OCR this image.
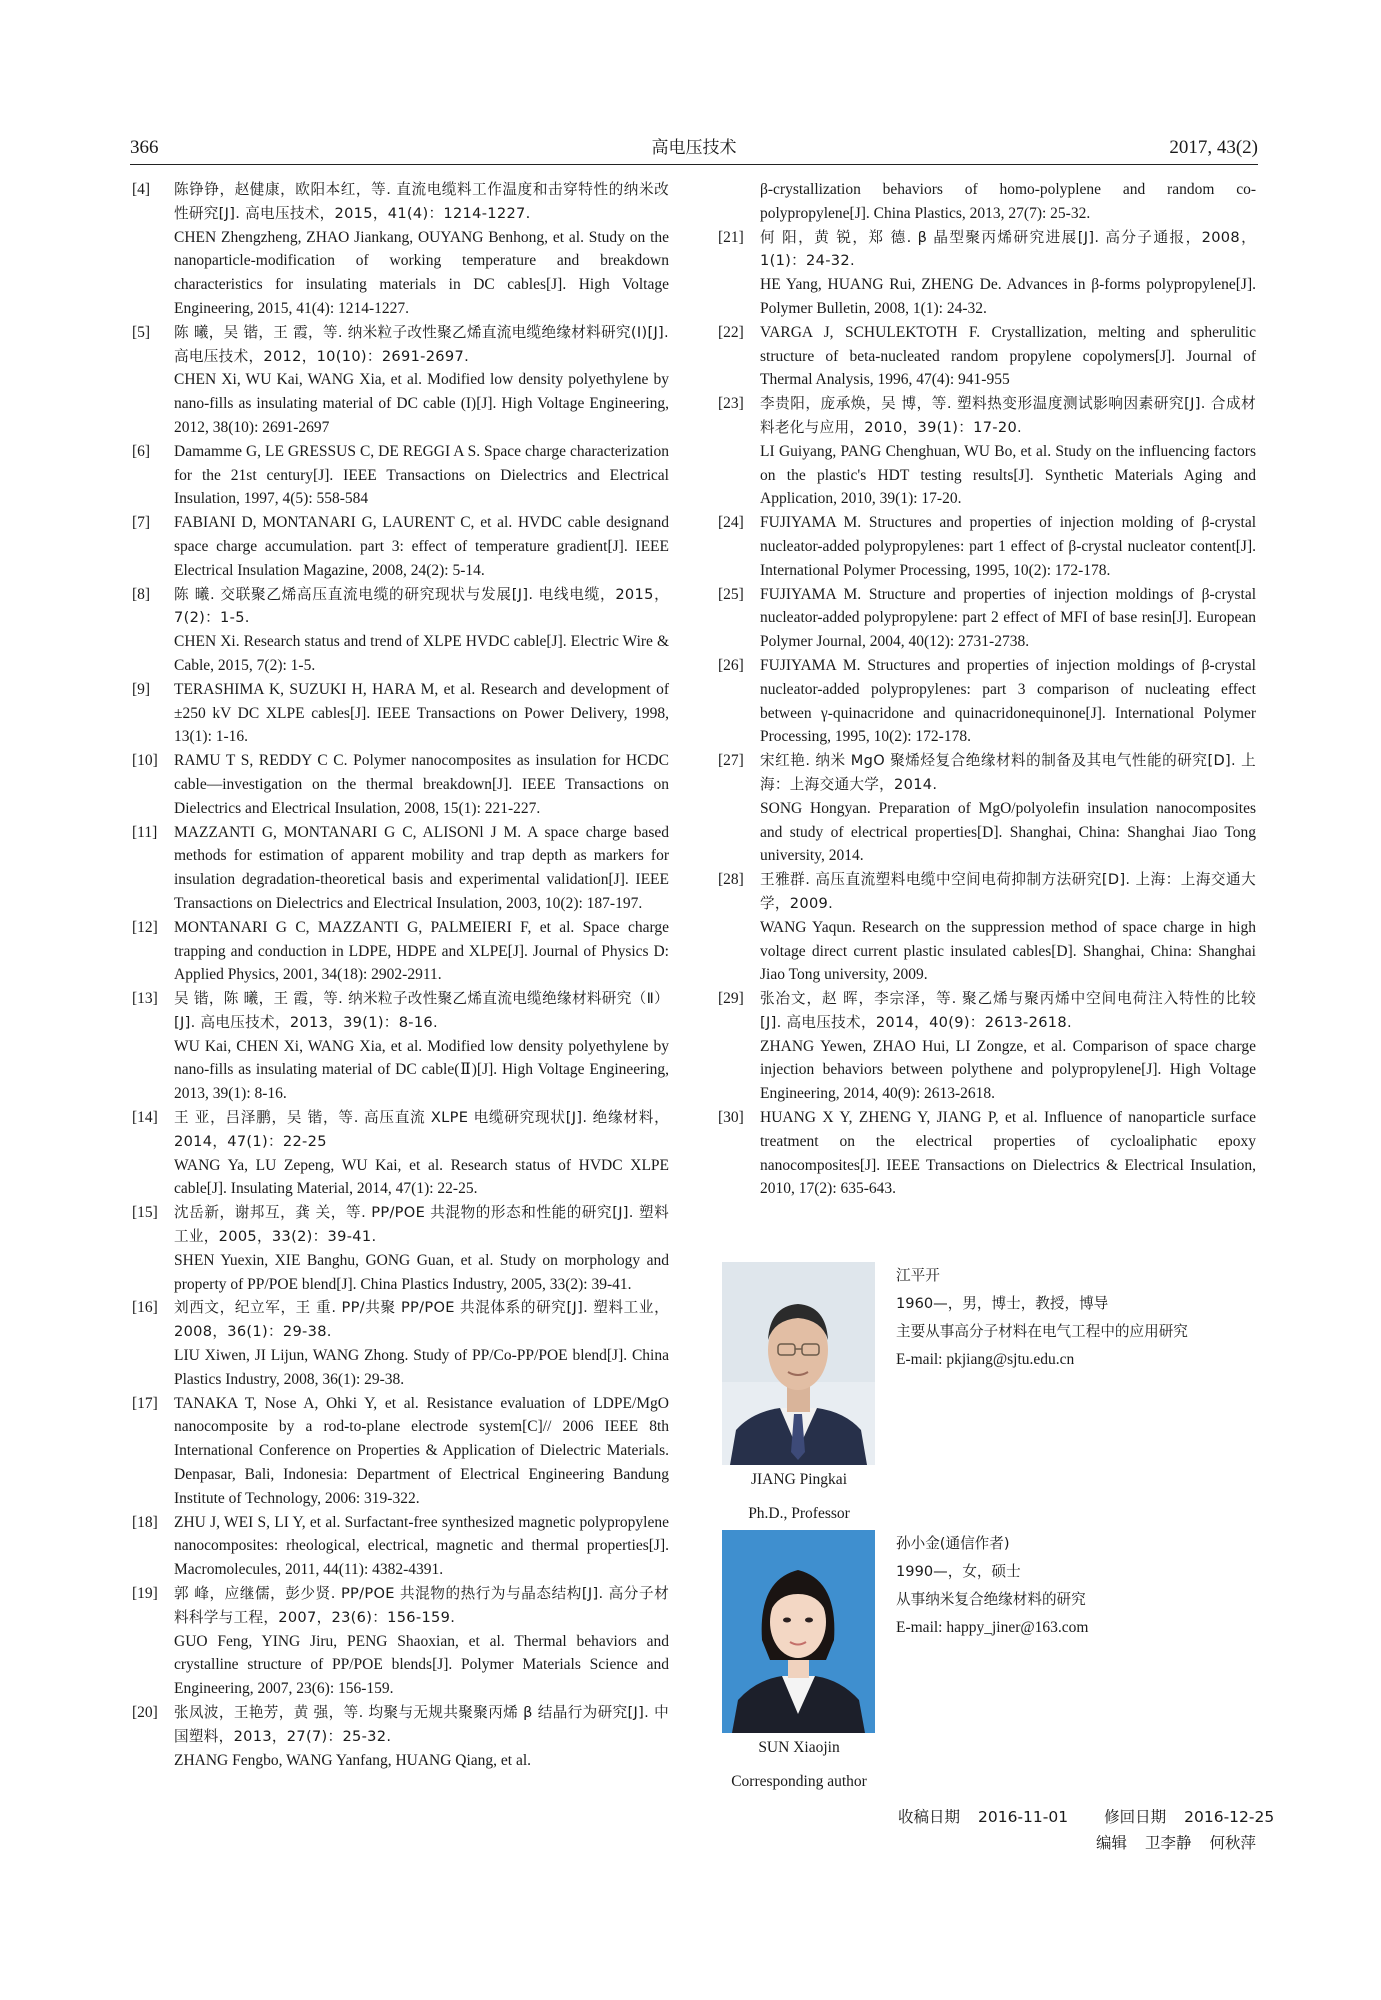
366	高电压技术	2017, 43(2)
[4]	陈铮铮，赵健康，欧阳本红，等. 直流电缆料工作温度和击穿特性的纳米改性研究[J]. 高电压技术，2015，41(4)：1214-1227.

CHEN Zhengzheng, ZHAO Jiankang, OUYANG Benhong, et al. Study on the nanoparticle-modification of working temperature and breakdown characteristics for insulating materials in DC cables[J]. High Voltage Engineering, 2015, 41(4): 1214-1227.

[5]	陈 曦，吴 锴，王 霞，等. 纳米粒子改性聚乙烯直流电缆绝缘材料研究(I)[J]. 高电压技术，2012，10(10)：2691-2697.

CHEN Xi, WU Kai, WANG Xia, et al. Modified low density polyethylene by nano-fills as insulating material of DC cable (I)[J]. High Voltage Engineering, 2012, 38(10): 2691-2697

[6]	Damamme G, LE GRESSUS C, DE REGGI A S. Space charge characterization for the 21st century[J]. IEEE Transactions on Dielectrics and Electrical Insulation, 1997, 4(5): 558-584

[7]	FABIANI D, MONTANARI G, LAURENT C, et al. HVDC cable designand space charge accumulation. part 3: effect of temperature gradient[J]. IEEE Electrical Insulation Magazine, 2008, 24(2): 5-14.

[8]	陈 曦. 交联聚乙烯高压直流电缆的研究现状与发展[J]. 电线电缆，2015，7(2)：1-5.

CHEN Xi. Research status and trend of XLPE HVDC cable[J]. Electric Wire & Cable, 2015, 7(2): 1-5.

[9]	TERASHIMA K, SUZUKI H, HARA M, et al. Research and development of ±250 kV DC XLPE cables[J]. IEEE Transactions on Power Delivery, 1998, 13(1): 1-16.

[10]	RAMU T S, REDDY C C. Polymer nanocomposites as insulation for HCDC cable—investigation on the thermal breakdown[J]. IEEE Transactions on Dielectrics and Electrical Insulation, 2008, 15(1): 221-227.

[11]	MAZZANTI G, MONTANARI G C, ALISONl J M. A space charge based methods for estimation of apparent mobility and trap depth as markers for insulation degradation-theoretical basis and experimental validation[J]. IEEE Transactions on Dielectrics and Electrical Insulation, 2003, 10(2): 187-197.

[12]	MONTANARI G C, MAZZANTI G, PALMEIERI F, et al. Space charge trapping and conduction in LDPE, HDPE and XLPE[J]. Journal of Physics D: Applied Physics, 2001, 34(18): 2902-2911.

[13]	吴 锴，陈 曦，王 霞，等. 纳米粒子改性聚乙烯直流电缆绝缘材料研究（Ⅱ）[J]. 高电压技术，2013，39(1)：8-16.

WU Kai, CHEN Xi, WANG Xia, et al. Modified low density polyethylene by nano-fills as insulating material of DC cable(Ⅱ)[J]. High Voltage Engineering, 2013, 39(1): 8-16.

[14]	王 亚，吕泽鹏，吴 锴，等. 高压直流 XLPE 电缆研究现状[J]. 绝缘材料，2014，47(1)：22-25

WANG Ya, LU Zepeng, WU Kai, et al. Research status of HVDC XLPE cable[J]. Insulating Material, 2014, 47(1): 22-25.

[15]	沈岳新，谢邦互，龚 关，等. PP/POE 共混物的形态和性能的研究[J]. 塑料工业，2005，33(2)：39-41.

SHEN Yuexin, XIE Banghu, GONG Guan, et al. Study on morphology and property of PP/POE blend[J]. China Plastics Industry, 2005, 33(2): 39-41.

[16]	刘西文，纪立军，王 重. PP/共聚 PP/POE 共混体系的研究[J]. 塑料工业，2008，36(1)：29-38.

LIU Xiwen, JI Lijun, WANG Zhong. Study of PP/Co-PP/POE blend[J]. China Plastics Industry, 2008, 36(1): 29-38.

[17]	TANAKA T, Nose A, Ohki Y, et al. Resistance evaluation of LDPE/MgO nanocomposite by a rod-to-plane electrode system[C]// 2006 IEEE 8th International Conference on Properties & Application of Dielectric Materials. Denpasar, Bali, Indonesia: Department of Electrical Engineering Bandung Institute of Technology, 2006: 319-322.

[18]	ZHU J, WEI S, LI Y, et al. Surfactant-free synthesized magnetic polypropylene nanocomposites: rheological, electrical, magnetic and thermal properties[J]. Macromolecules, 2011, 44(11): 4382-4391.

[19]	郭 峰，应继儒，彭少贤. PP/POE 共混物的热行为与晶态结构[J]. 高分子材料科学与工程，2007，23(6)：156-159.

GUO Feng, YING Jiru, PENG Shaoxian, et al. Thermal behaviors and crystalline structure of PP/POE blends[J]. Polymer Materials Science and Engineering, 2007, 23(6): 156-159.

[20]	张凤波，王艳芳，黄 强，等. 均聚与无规共聚聚丙烯 β 结晶行为研究[J]. 中国塑料，2013，27(7)：25-32.

ZHANG Fengbo, WANG Yanfang, HUANG Qiang, et al.

β-crystallization behaviors of homo-polyplene and random co-polypropylene[J]. China Plastics, 2013, 27(7): 25-32.

[21]	何 阳，黄 锐，郑 德. β 晶型聚丙烯研究进展[J]. 高分子通报，2008，1(1)：24-32.

HE Yang, HUANG Rui, ZHENG De. Advances in β-forms polypropylene[J]. Polymer Bulletin, 2008, 1(1): 24-32.

[22]	VARGA J, SCHULEKTOTH F. Crystallization, melting and spherulitic structure of beta-nucleated random propylene copolymers[J]. Journal of Thermal Analysis, 1996, 47(4): 941-955

[23]	李贵阳，庞承焕，吴 博，等. 塑料热变形温度测试影响因素研究[J]. 合成材料老化与应用，2010，39(1)：17-20.

LI Guiyang, PANG Chenghuan, WU Bo, et al. Study on the influencing factors on the plastic's HDT testing results[J]. Synthetic Materials Aging and Application, 2010, 39(1): 17-20.

[24]	FUJIYAMA M. Structures and properties of injection molding of β-crystal nucleator-added polypropylenes: part 1 effect of β-crystal nucleator content[J]. International Polymer Processing, 1995, 10(2): 172-178.

[25]	FUJIYAMA M. Structure and properties of injection moldings of β-crystal nucleator-added polypropylene: part 2 effect of MFI of base resin[J]. European Polymer Journal, 2004, 40(12): 2731-2738.

[26]	FUJIYAMA M. Structures and properties of injection moldings of β-crystal nucleator-added polypropylenes: part 3 comparison of nucleating effect between γ-quinacridone and quinacridonequinone[J]. International Polymer Processing, 1995, 10(2): 172-178.

[27]	宋红艳. 纳米 MgO 聚烯烃复合绝缘材料的制备及其电气性能的研究[D]. 上海：上海交通大学，2014.

SONG Hongyan. Preparation of MgO/polyolefin insulation nanocomposites and study of electrical properties[D]. Shanghai, China: Shanghai Jiao Tong university, 2014.

[28]	王雅群. 高压直流塑料电缆中空间电荷抑制方法研究[D]. 上海：上海交通大学，2009.

WANG Yaqun. Research on the suppression method of space charge in high voltage direct current plastic insulated cables[D]. Shanghai, China: Shanghai Jiao Tong university, 2009.

[29]	张冶文，赵 晖，李宗泽，等. 聚乙烯与聚丙烯中空间电荷注入特性的比较[J]. 高电压技术，2014，40(9)：2613-2618.

ZHANG Yewen, ZHAO Hui, LI Zongze, et al. Comparison of space charge injection behaviors between polythene and polypropylene[J]. High Voltage Engineering, 2014, 40(9): 2613-2618.

[30]	HUANG X Y, ZHENG Y, JIANG P, et al. Influence of nanoparticle surface treatment on the electrical properties of cycloaliphatic epoxy nanocomposites[J]. IEEE Transactions on Dielectrics & Electrical Insulation, 2010, 17(2): 635-643.

JIANG Pingkai
Ph.D., Professor
江平开
1960—，男，博士，教授，博导
主要从事高分子材料在电气工程中的应用研究
E-mail: pkjiang@sjtu.edu.cn
SUN Xiaojin
Corresponding author
孙小金(通信作者)
1990—，女，硕士
从事纳米复合绝缘材料的研究
E-mail: happy_jiner@163.com
收稿日期 2016-11-01 修回日期 2016-12-25
编辑 卫李静 何秋萍
